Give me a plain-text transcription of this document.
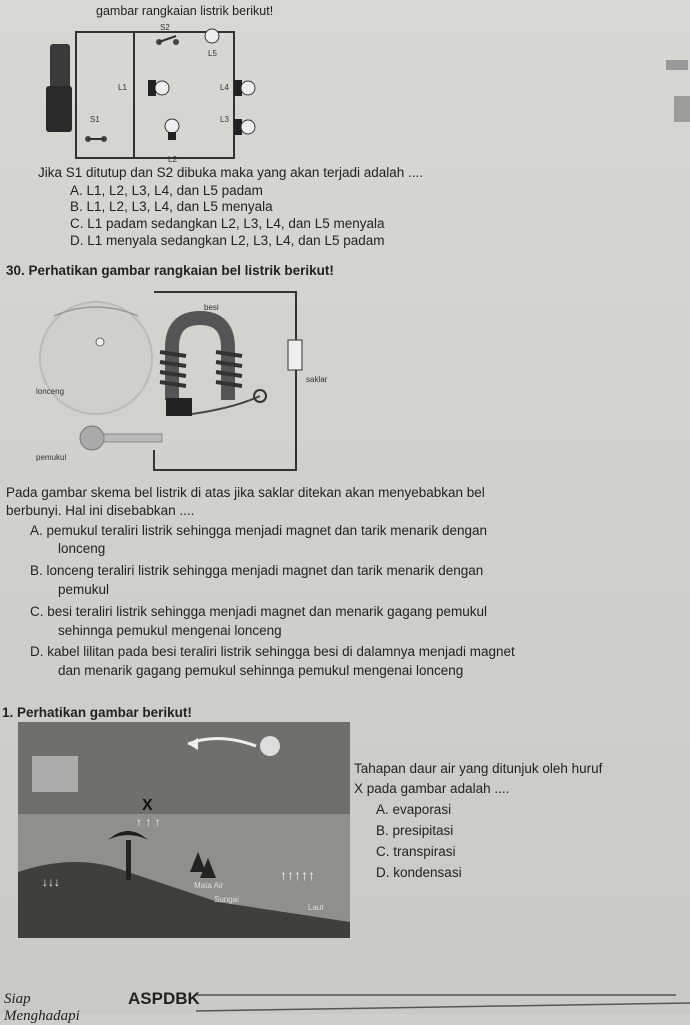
gambar rangkaian listrik berikut!
S2
L5
L1	L4
S1	L3
L2
Jika S1 ditutup dan S2 dibuka maka yang akan terjadi adalah ....
A. L1, L2, L3, L4, dan L5 padam
B. L1, L2, L3, L4, dan L5 menyala
C. L1 padam sedangkan L2, L3, L4, dan L5 menyala
D. L1 menyala sedangkan L2, L3, L4, dan L5 padam
30. Perhatikan gambar rangkaian bel listrik berikut!
besi
lonceng
saklar
pemukul
Pada gambar skema bel listrik di atas jika saklar ditekan akan menyebabkan bel
berbunyi. Hal ini disebabkan ....
A. pemukul teraliri listrik sehingga menjadi magnet dan tarik menarik dengan
lonceng
B. lonceng teraliri listrik sehingga menjadi magnet dan tarik menarik dengan
pemukul
C. besi teraliri listrik sehingga menjadi magnet dan menarik gagang pemukul
sehinnga pemukul mengenai lonceng
D. kabel lilitan pada besi teraliri listrik sehingga besi di dalamnya menjadi magnet
dan menarik gagang pemukul sehinnga pemukul mengenai lonceng
1. Perhatikan gambar berikut!
X
↑ ↑ ↑
↑↑↑↑↑
↓↓↓	Mata Air
Sungai
Laut
Tahapan daur air yang ditunjuk oleh huruf
X pada gambar adalah ....
A. evaporasi
B. presipitasi
C. transpirasi
D. kondensasi
Siap Menghadapi
ASPDBK
